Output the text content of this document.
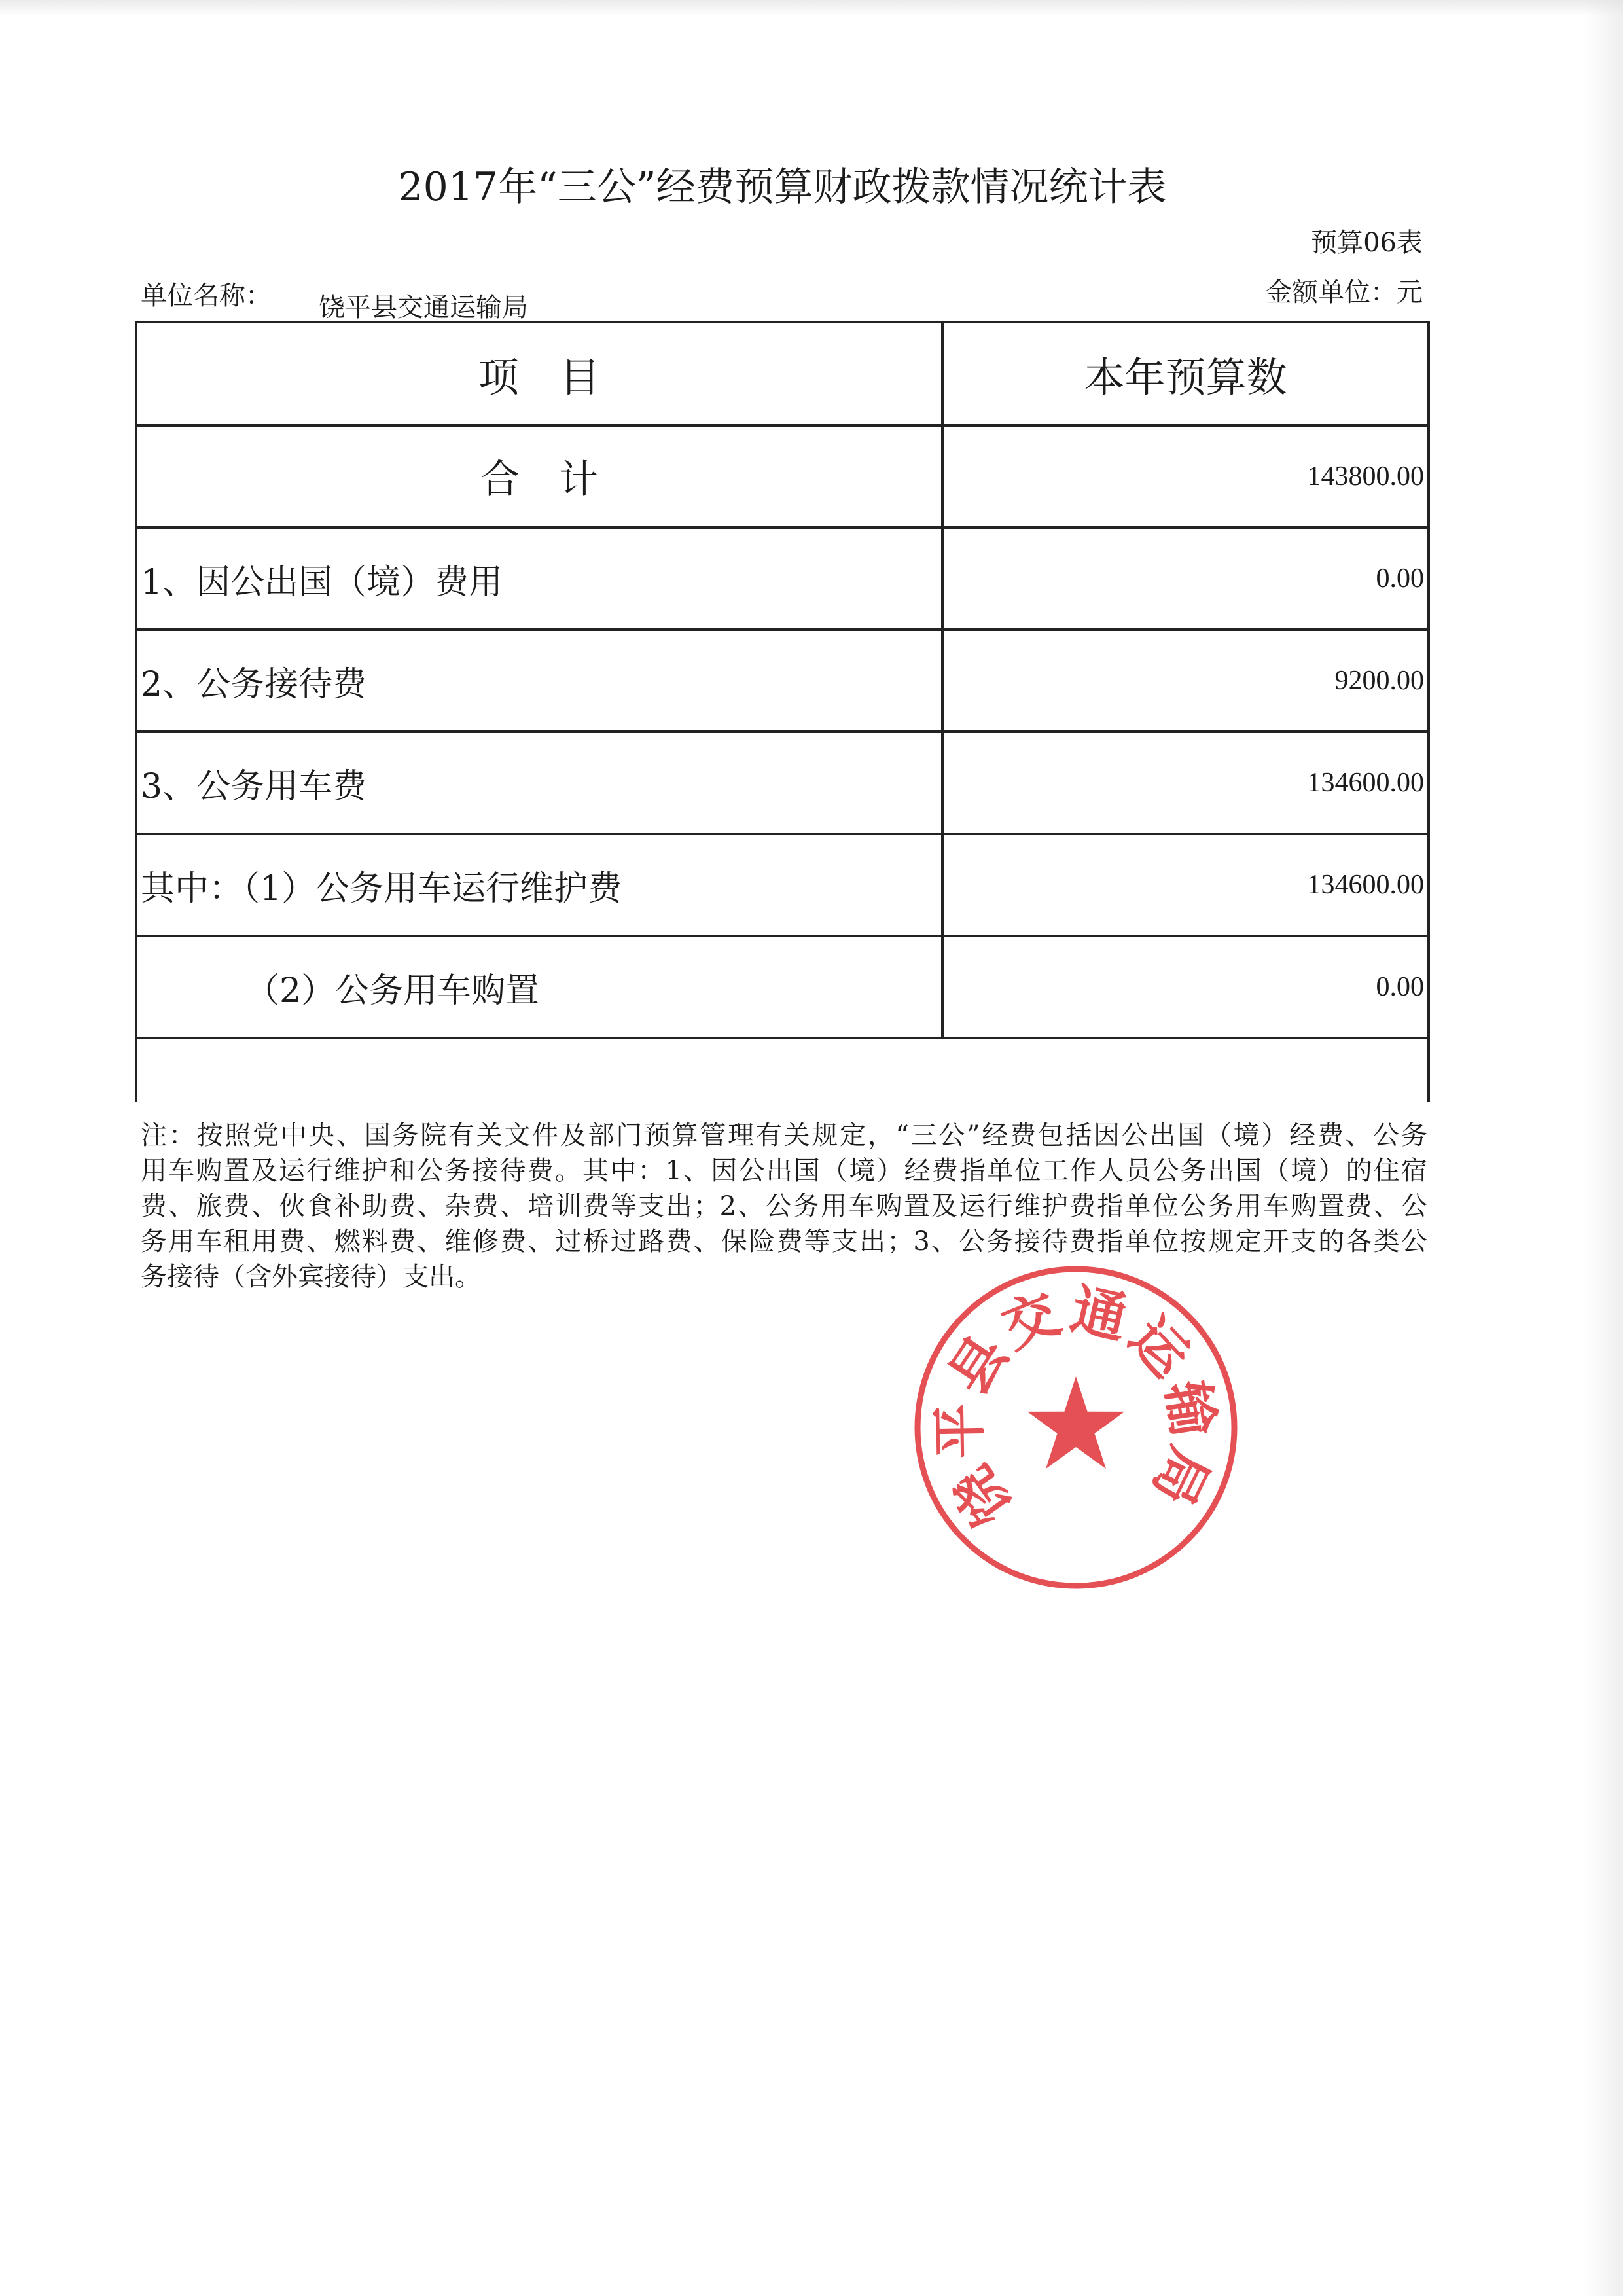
2017年“三公”经费预算财政拨款情况统计表
预算06表
单位名称： 饶平县交通运输局	金额单位：元
项　目	本年预算数
合　计	143800.00
1、因公出国（境）费用	0.00
2、公务接待费	9200.00
3、公务用车费	134600.00
其中：（1）公务用车运行维护费	134600.00
（2）公务用车购置	0.00
注：按照党中央、国务院有关文件及部门预算管理有关规定，“三公”经费包括因公出国（境）经费、公务
用车购置及运行维护和公务接待费。其中：1、因公出国（境）经费指单位工作人员公务出国（境）的住宿
费、旅费、伙食补助费、杂费、培训费等支出；2、公务用车购置及运行维护费指单位公务用车购置费、公
务用车租用费、燃料费、维修费、过桥过路费、保险费等支出；3、公务接待费指单位按规定开支的各类公
务接待（含外宾接待）支出。
饶平县交通运输局
